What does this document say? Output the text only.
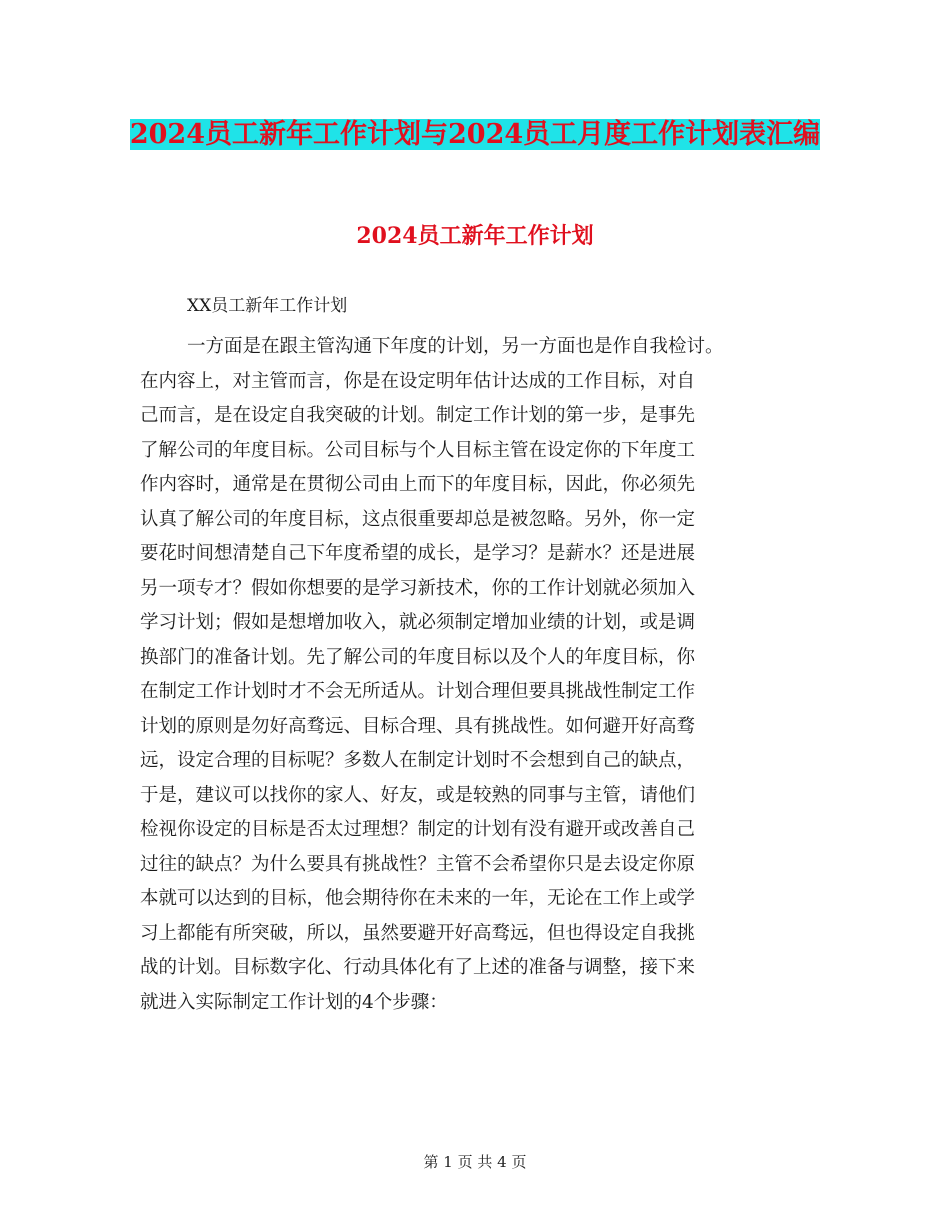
2024员工新年工作计划与2024员工月度工作计划表汇编
2024员工新年工作计划

XX员工新年工作计划

一方面是在跟主管沟通下年度的计划，另一方面也是作自我检讨。
在内容上，对主管而言，你是在设定明年估计达成的工作目标，对自
己而言，是在设定自我突破的计划。制定工作计划的第一步，是事先
了解公司的年度目标。公司目标与个人目标主管在设定你的下年度工
作内容时，通常是在贯彻公司由上而下的年度目标，因此，你必须先
认真了解公司的年度目标，这点很重要却总是被忽略。另外，你一定
要花时间想清楚自己下年度希望的成长，是学习？是薪水？还是进展
另一项专才？假如你想要的是学习新技术，你的工作计划就必须加入
学习计划；假如是想增加收入，就必须制定增加业绩的计划，或是调
换部门的准备计划。先了解公司的年度目标以及个人的年度目标，你
在制定工作计划时才不会无所适从。计划合理但要具挑战性制定工作
计划的原则是勿好高骛远、目标合理、具有挑战性。如何避开好高骛
远，设定合理的目标呢？多数人在制定计划时不会想到自己的缺点，
于是，建议可以找你的家人、好友，或是较熟的同事与主管，请他们
检视你设定的目标是否太过理想？制定的计划有没有避开或改善自己
过往的缺点？为什么要具有挑战性？主管不会希望你只是去设定你原
本就可以达到的目标，他会期待你在未来的一年，无论在工作上或学
习上都能有所突破，所以，虽然要避开好高骛远，但也得设定自我挑
战的计划。目标数字化、行动具体化有了上述的准备与调整，接下来
就进入实际制定工作计划的4个步骤：
第 1 页 共 4 页
